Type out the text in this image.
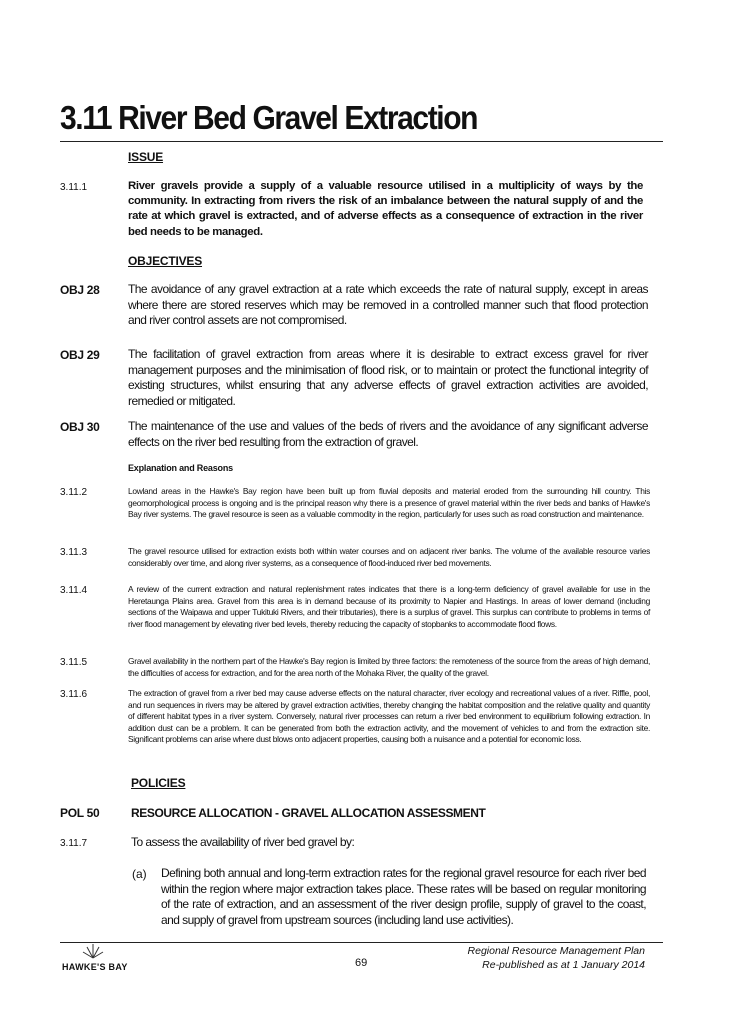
3.11 River Bed Gravel Extraction
ISSUE
3.11.1	River gravels provide a supply of a valuable resource utilised in a multiplicity of ways by the community. In extracting from rivers the risk of an imbalance between the natural supply of and the rate at which gravel is extracted, and of adverse effects as a consequence of extraction in the river bed needs to be managed.
OBJECTIVES
OBJ 28 The avoidance of any gravel extraction at a rate which exceeds the rate of natural supply, except in areas where there are stored reserves which may be removed in a controlled manner such that flood protection and river control assets are not compromised.
OBJ 29 The facilitation of gravel extraction from areas where it is desirable to extract excess gravel for river management purposes and the minimisation of flood risk, or to maintain or protect the functional integrity of existing structures, whilst ensuring that any adverse effects of gravel extraction activities are avoided, remedied or mitigated.
OBJ 30 The maintenance of the use and values of the beds of rivers and the avoidance of any significant adverse effects on the river bed resulting from the extraction of gravel.
Explanation and Reasons
3.11.2	Lowland areas in the Hawke's Bay region have been built up from fluvial deposits and material eroded from the surrounding hill country. This geomorphological process is ongoing and is the principal reason why there is a presence of gravel material within the river beds and banks of Hawke's Bay river systems. The gravel resource is seen as a valuable commodity in the region, particularly for uses such as road construction and maintenance.
3.11.3	The gravel resource utilised for extraction exists both within water courses and on adjacent river banks. The volume of the available resource varies considerably over time, and along river systems, as a consequence of flood-induced river bed movements.
3.11.4	A review of the current extraction and natural replenishment rates indicates that there is a long-term deficiency of gravel available for use in the Heretaunga Plains area. Gravel from this area is in demand because of its proximity to Napier and Hastings. In areas of lower demand (including sections of the Waipawa and upper Tukituki Rivers, and their tributaries), there is a surplus of gravel. This surplus can contribute to problems in terms of river flood management by elevating river bed levels, thereby reducing the capacity of stopbanks to accommodate flood flows.
3.11.5	Gravel availability in the northern part of the Hawke's Bay region is limited by three factors: the remoteness of the source from the areas of high demand, the difficulties of access for extraction, and for the area north of the Mohaka River, the quality of the gravel.
3.11.6	The extraction of gravel from a river bed may cause adverse effects on the natural character, river ecology and recreational values of a river. Riffle, pool, and run sequences in rivers may be altered by gravel extraction activities, thereby changing the habitat composition and the relative quality and quantity of different habitat types in a river system. Conversely, natural river processes can return a river bed environment to equilibrium following extraction. In addition dust can be a problem. It can be generated from both the extraction activity, and the movement of vehicles to and from the extraction site. Significant problems can arise where dust blows onto adjacent properties, causing both a nuisance and a potential for economic loss.
POLICIES
POL 50	RESOURCE ALLOCATION - GRAVEL ALLOCATION ASSESSMENT
3.11.7	To assess the availability of river bed gravel by:
(a) Defining both annual and long-term extraction rates for the regional gravel resource for each river bed within the region where major extraction takes place. These rates will be based on regular monitoring of the rate of extraction, and an assessment of the river design profile, supply of gravel to the coast, and supply of gravel from upstream sources (including land use activities).
HAWKE'S BAY	69
Regional Resource Management Plan
Re-published as at 1 January 2014
